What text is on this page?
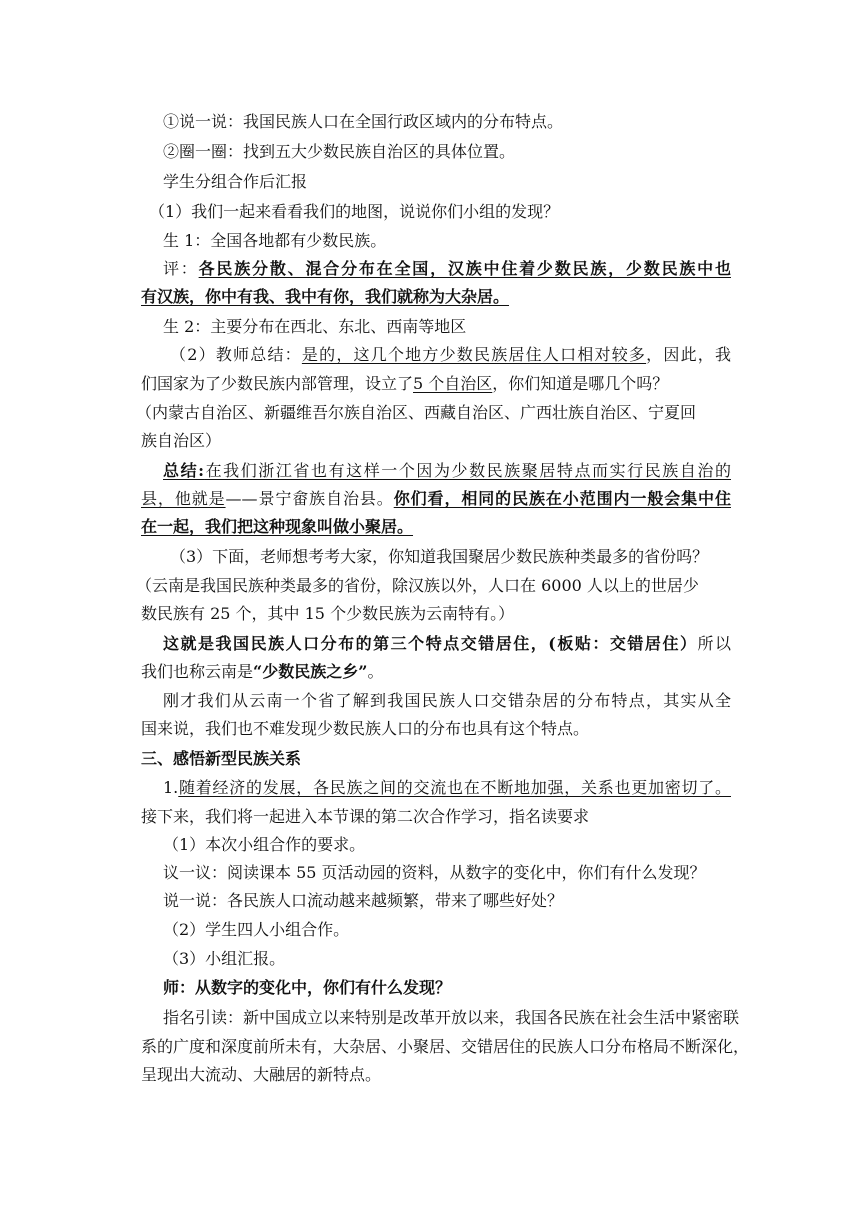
①说一说：我国民族人口在全国行政区域内的分布特点。
②圈一圈：找到五大少数民族自治区的具体位置。
学生分组合作后汇报
（1）我们一起来看看我们的地图，说说你们小组的发现？
生 1：全国各地都有少数民族。
评：各民族分散、混合分布在全国，汉族中住着少数民族，少数民族中也
有汉族，你中有我、我中有你，我们就称为大杂居。
生 2：主要分布在西北、东北、西南等地区
（2）教师总结：是的，这几个地方少数民族居住人口相对较多，因此，我
们国家为了少数民族内部管理，设立了5 个自治区，你们知道是哪几个吗？
（内蒙古自治区、新疆维吾尔族自治区、西藏自治区、广西壮族自治区、宁夏回
族自治区）
总结:在我们浙江省也有这样一个因为少数民族聚居特点而实行民族自治的
县，他就是——景宁畲族自治县。你们看，相同的民族在小范围内一般会集中住
在一起，我们把这种现象叫做小聚居。
（3）下面，老师想考考大家，你知道我国聚居少数民族种类最多的省份吗？
（云南是我国民族种类最多的省份，除汉族以外，人口在 6000 人以上的世居少
数民族有 25 个，其中 15 个少数民族为云南特有。）
这就是我国民族人口分布的第三个特点交错居住，(板贴：交错居住）所以
我们也称云南是“少数民族之乡”。
刚才我们从云南一个省了解到我国民族人口交错杂居的分布特点，其实从全
国来说，我们也不难发现少数民族人口的分布也具有这个特点。
三、感悟新型民族关系
1.随着经济的发展，各民族之间的交流也在不断地加强，关系也更加密切了。
接下来，我们将一起进入本节课的第二次合作学习，指名读要求
（1）本次小组合作的要求。
议一议：阅读课本 55 页活动园的资料，从数字的变化中，你们有什么发现？
说一说：各民族人口流动越来越频繁，带来了哪些好处？
（2）学生四人小组合作。
（3）小组汇报。
师：从数字的变化中，你们有什么发现？
指名引读：新中国成立以来特别是改革开放以来，我国各民族在社会生活中紧密联
系的广度和深度前所未有，大杂居、小聚居、交错居住的民族人口分布格局不断深化，
呈现出大流动、大融居的新特点。
